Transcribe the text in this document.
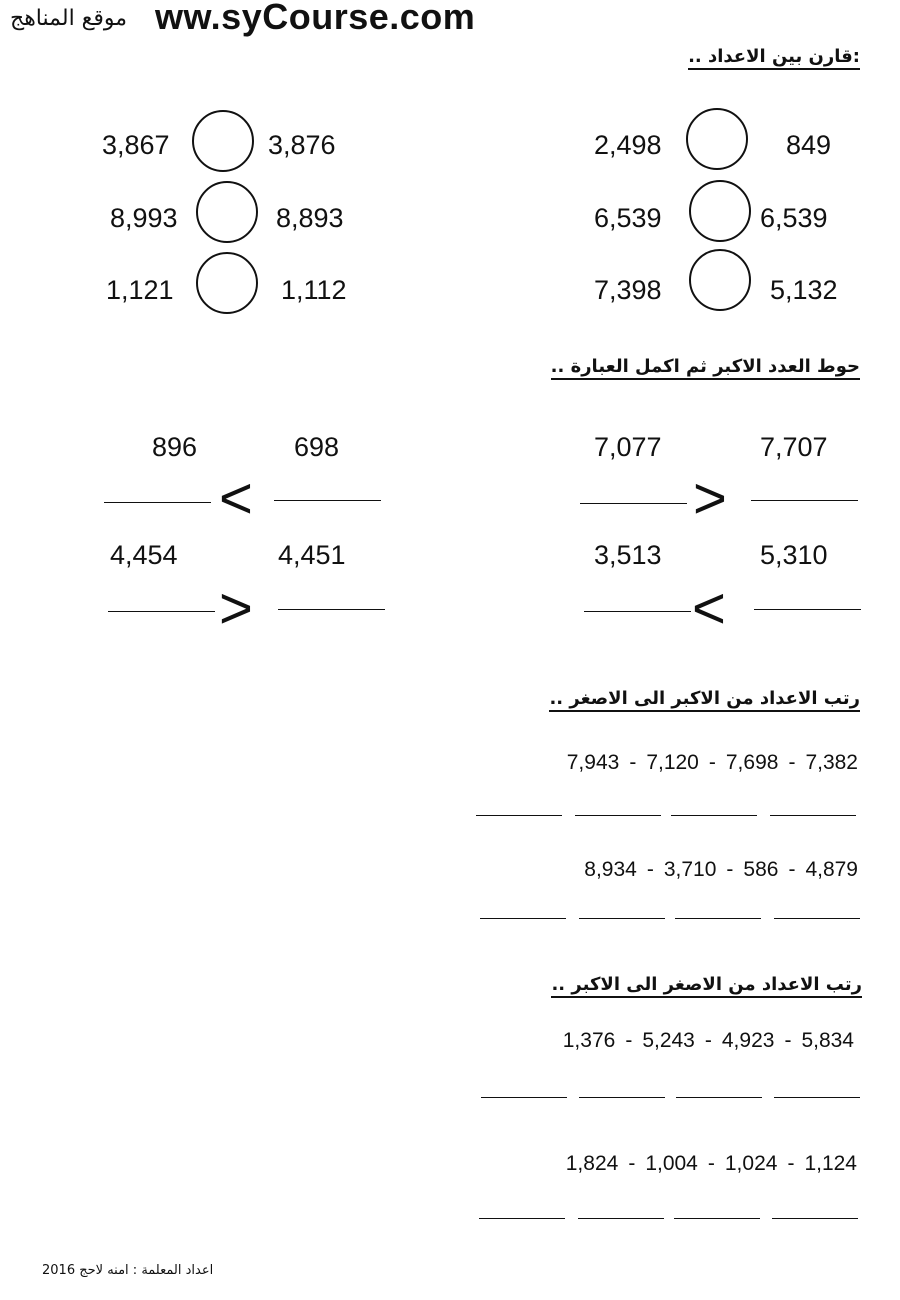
موقع المناهج ww.syCourse.com
:قارن بين الاعداد ..
3,867	3,876
8,993	8,893
1,121	1,112
2,498	849
6,539	6,539
7,398	5,132
حوط العدد الاكبر ثم اكمل العبارة ..
896	698
<
7,077	7,707
>
4,454	4,451
>
3,513	5,310
<
رتب الاعداد من الاكبر الى الاصغر ..
7,943 - 7,120 - 7,698 - 7,382
8,934 - 3,710 - 586 - 4,879
رتب الاعداد من الاصغر الى الاكبر ..
1,376 - 5,243 - 4,923 - 5,834
1,824 - 1,004 - 1,024 - 1,124
اعداد المعلمة : امنه لاحج 2016
